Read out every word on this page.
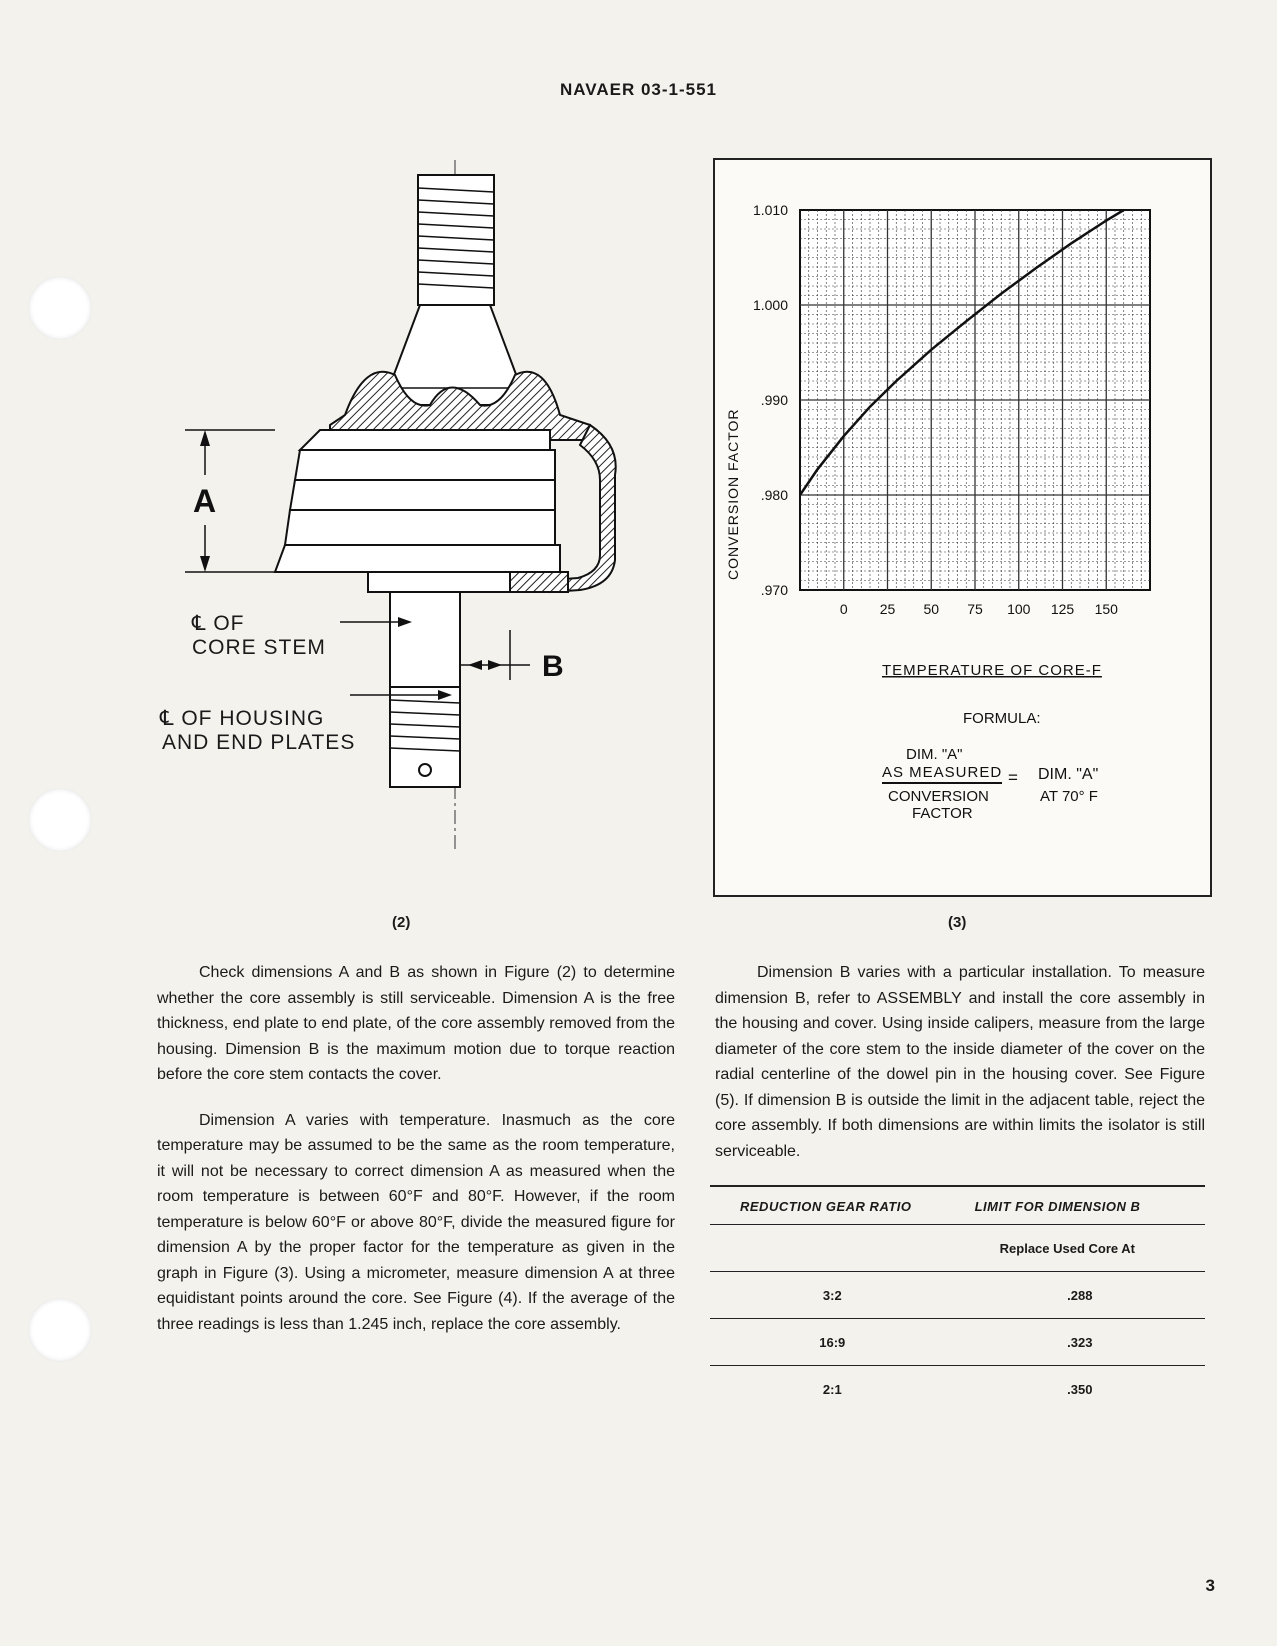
NAVAER 03-1-551
A
B
℄ OF
CORE STEM
℄ OF HOUSING
AND END PLATES
(2)
1.010
1.000
.990
.980
.970
0 25 50 75 100 125 150
CONVERSION FACTOR
TEMPERATURE OF CORE-F
FORMULA:
DIM. "A"
AS MEASURED
CONVERSION
FACTOR
= DIM. "A"
AT 70° F
(3)

Check dimensions A and B as shown in Figure (2) to determine whether the core assembly is still serviceable. Dimension A is the free thickness, end plate to end plate, of the core assembly removed from the housing. Dimension B is the maximum motion due to torque reaction before the core stem contacts the cover.

Dimension A varies with temperature. Inasmuch as the core temperature may be assumed to be the same as the room temperature, it will not be necessary to correct dimension A as measured when the room temperature is between 60°F and 80°F. However, if the room temperature is below 60°F or above 80°F, divide the measured figure for dimension A by the proper factor for the temperature as given in the graph in Figure (3). Using a micrometer, measure dimension A at three equidistant points around the core. See Figure (4). If the average of the three readings is less than 1.245 inch, replace the core assembly.

Dimension B varies with a particular installation. To measure dimension B, refer to ASSEMBLY and install the core assembly in the housing and cover. Using inside calipers, measure from the large diameter of the core stem to the inside diameter of the cover on the radial centerline of the dowel pin in the housing cover. See Figure (5). If dimension B is outside the limit in the adjacent table, reject the core assembly. If both dimensions are within limits the isolator is still serviceable.

REDUCTION GEAR RATIO	LIMIT FOR DIMENSION B
	Replace Used Core At
3:2	.288
16:9	.323
2:1	.350
3
